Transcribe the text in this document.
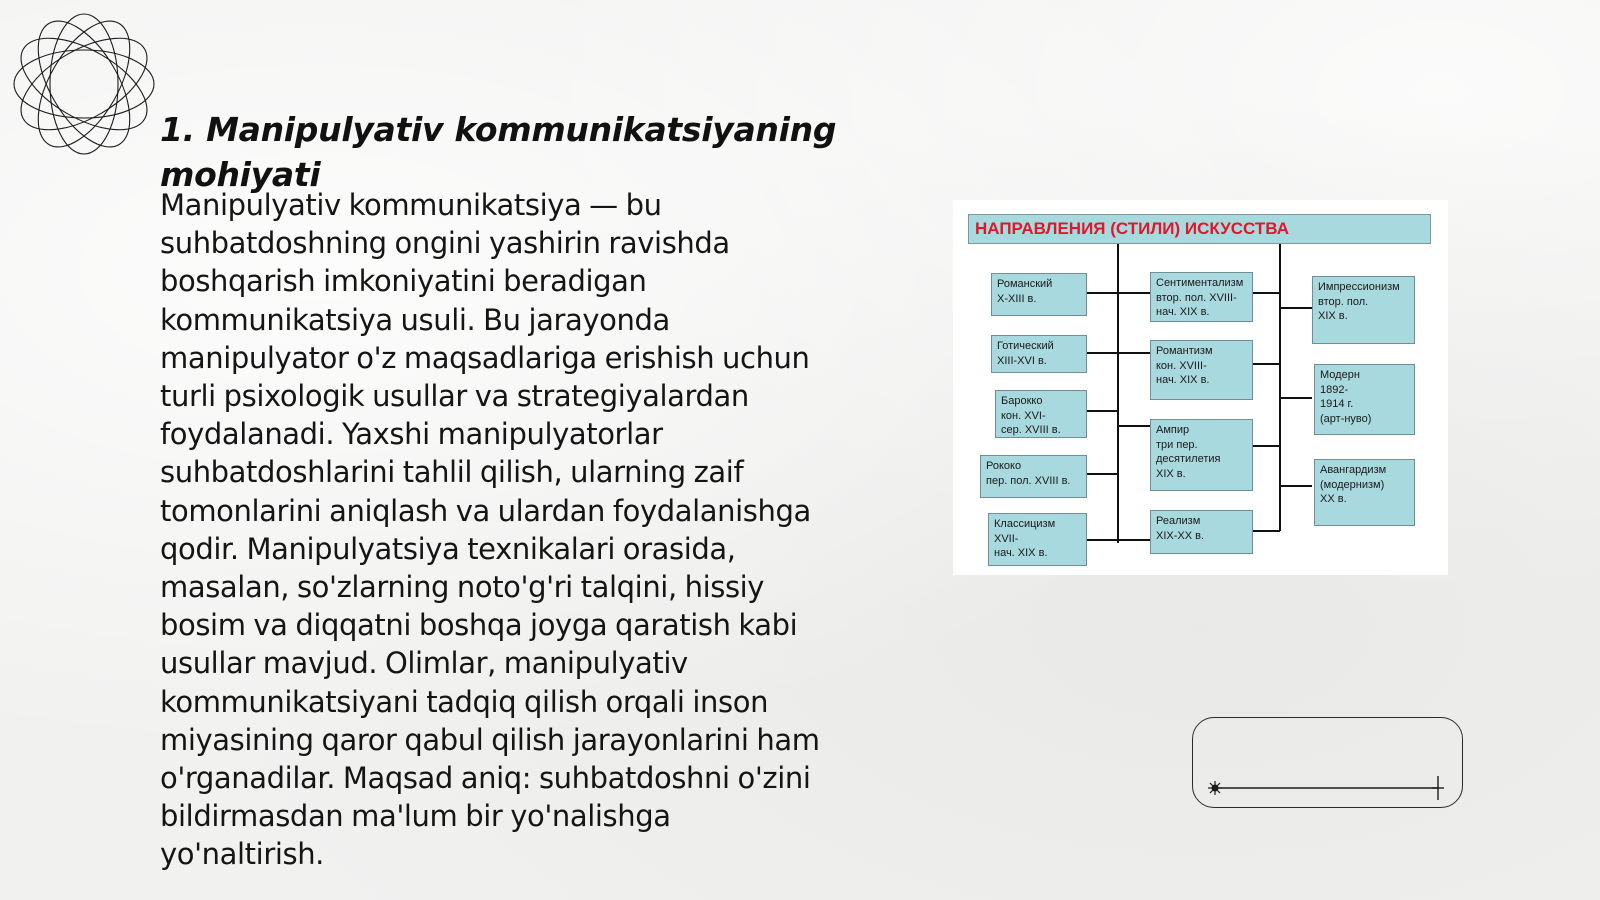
1. Manipulyativ kommunikatsiyaning mohiyati

Manipulyativ kommunikatsiya — bu suhbatdoshning ongini yashirin ravishda boshqarish imkoniyatini beradigan kommunikatsiya usuli. Bu jarayonda manipulyator o'z maqsadlariga erishish uchun turli psixologik usullar va strategiyalardan foydalanadi. Yaxshi manipulyatorlar suhbatdoshlarini tahlil qilish, ularning zaif tomonlarini aniqlash va ulardan foydalanishga qodir. Manipulyatsiya texnikalari orasida, masalan, so'zlarning noto'g'ri talqini, hissiy bosim va diqqatni boshqa joyga qaratish kabi usullar mavjud. Olimlar, manipulyativ kommunikatsiyani tadqiq qilish orqali inson miyasining qaror qabul qilish jarayonlarini ham o'rganadilar. Maqsad aniq: suhbatdoshni o'zini bildirmasdan ma'lum bir yo'nalishga yo'naltirish.

НАПРАВЛЕНИЯ (СТИЛИ) ИСКУССТВА
Романский
X-XIII в.
Готический
XIII-XVI в.
Барокко
кон. XVI-
сер. XVIII в.
Рококо
пер. пол. XVIII в.
Классицизм
XVII-
нач. XIX в.
Сентиментализм
втор. пол. XVIII-
нач. XIX в.
Романтизм
кон. XVIII-
нач. XIX в.
Ампир
три пер.
десятилетия
XIX в.
Реализм
XIX-XX в.
Импрессионизм
втор. пол.
XIX в.
Модерн
1892-
1914 г.
(арт-нуво)
Авангардизм
(модернизм)
XX в.
